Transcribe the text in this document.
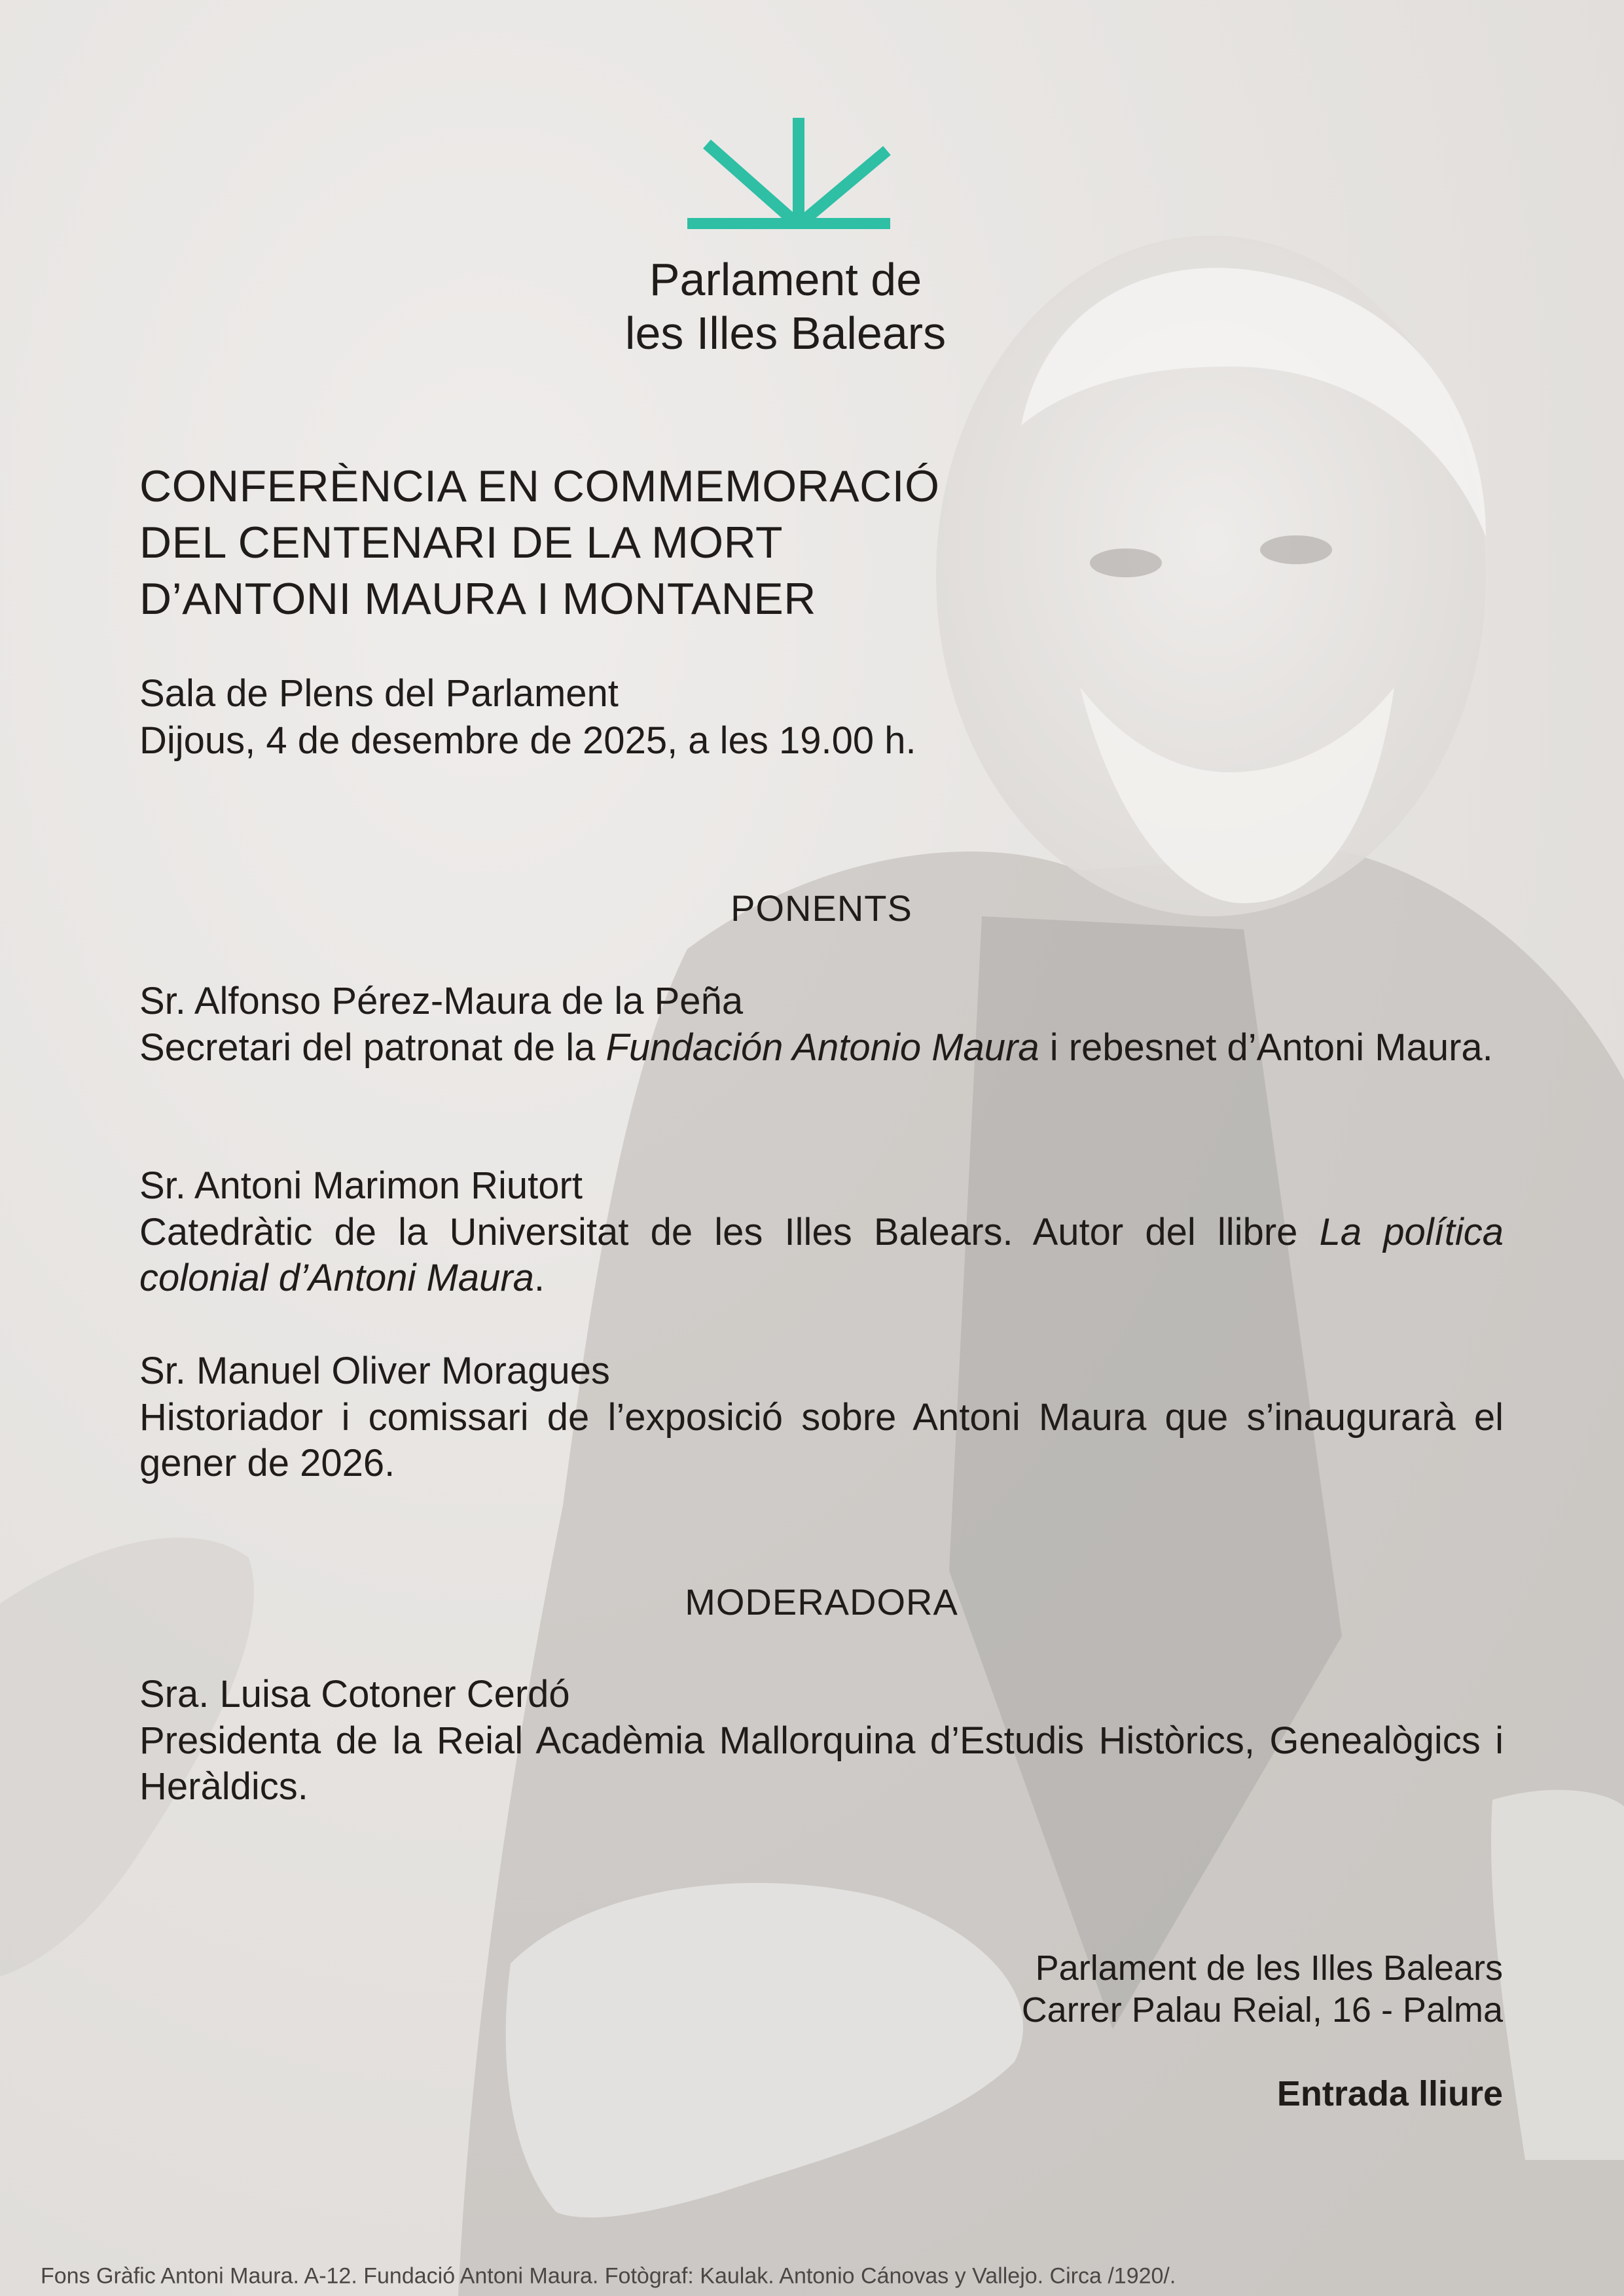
Parlament de
les Illes Balears
CONFERÈNCIA EN COMMEMORACIÓ
DEL CENTENARI DE LA MORT
D’ANTONI MAURA I MONTANER
Sala de Plens del Parlament
Dijous, 4 de desembre de 2025, a les 19.00 h.
PONENTS
Sr. Alfonso Pérez-Maura de la Peña
Secretari del patronat de la Fundación Antonio Maura i rebesnet d’Antoni Maura.
Sr. Antoni Marimon Riutort
Catedràtic de la Universitat de les Illes Balears. Autor del llibre La política colonial d’Antoni Maura.
Sr. Manuel Oliver Moragues
Historiador i comissari de l’exposició sobre Antoni Maura que s’inaugurarà el gener de 2026.
MODERADORA
Sra. Luisa Cotoner Cerdó
Presidenta de la Reial Acadèmia Mallorquina d’Estudis Històrics, Genealògics i Heràldics.
Parlament de les Illes Balears
Carrer Palau Reial, 16 - Palma
Entrada lliure
Fons Gràfic Antoni Maura. A-12. Fundació Antoni Maura. Fotògraf: Kaulak. Antonio Cánovas y Vallejo. Circa /1920/.
